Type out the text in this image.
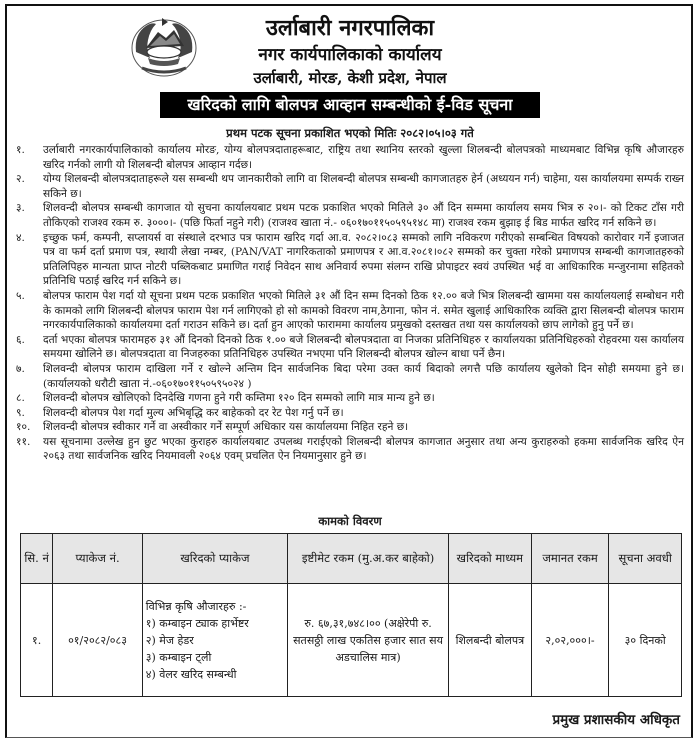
उर्लाबारी नगरपालिका
नगर कार्यपालिकाको कार्यालय
उर्लाबारी, मोरङ, केशी प्रदेश, नेपाल
खरिदको लागि बोलपत्र आव्हान सम्बन्धीको ई-विड सूचना
प्रथम पटक सूचना प्रकाशित भएको मितिः २०८२।०५।०३ गते
१.	उर्लाबारी नगरकार्यपालिकाको कार्यालय मोरङ, योग्य बोलपत्रदाताहरूबाट, राष्ट्रिय तथा स्थानिय स्तरको खुल्ला शिलबन्दी बोलपत्रको माध्यमबाट विभिन्न कृषि औजारहरु खरिद गर्नको लागी यो शिलबन्दी बोलपत्र आव्हान गर्दछ।
२.	योग्य शिलबन्दी बोलपत्रदाताहरूले यस सम्बन्धी थप जानकारीको लागि वा शिलबन्दी बोलपत्र सम्बन्धी कागजातहरु हेर्न (अध्ययन गर्न) चाहेमा, यस कार्यालयमा सम्पर्क राख्न सकिने छ।
३.	शिलवन्दी बोलपत्र सम्बन्धी कागजात यो सुचना कार्यालयबाट प्रथम पटक प्रकाशित भएको मितिले ३० औं दिन सम्ममा कार्यालय समय भित्र रु २०।- को टिकट टाँस गरी तोकिएको राजश्व रकम रु. ३०००।- (पछि फिर्ता नहुने गरी) (राजश्व खाता नं.- ०६०१७०११५०५९५१४८ मा) राजश्व रकम बुझाइ ई बिड मार्फत खरिद गर्न सकिने छ।
४.	इच्छुक फर्म, कम्पनी, सप्लायर्स वा संस्थाले दरभाउ पत्र फाराम खरिद गर्दा आ.व. २०८२।०८३ सम्मको लागि नविकरण गरीएको सम्बन्धित विषयको कारोवार गर्ने इजाजत पत्र वा फर्म दर्ता प्रमाण पत्र, स्थायी लेखा नम्बर, (PAN/VAT नागरिकताको प्रमाणपत्र र आ.व.२०८१।०८२ सम्मको कर चुक्ता गरेको प्रमाणपत्र सम्बन्धी कागजातहरुको प्रतिलिपिहरु मान्यता प्राप्त नोटरी पब्लिकबाट प्रमाणित गराई निवेदन साथ अनिवार्य रुपमा संलग्न राखि प्रोपाइटर स्वयं उपस्थित भई वा आधिकारिक मन्जुरनामा सहितको प्रतिनिधि पठाई खरिद गर्न सकिने छ।
५.	बोलपत्र फाराम पेश गर्दा यो सूचना प्रथम पटक प्रकाशित भएको मितिले ३१ औं दिन सम्म दिनको ठिक १२.०० बजे भित्र शिलबन्दी खाममा यस कार्यालयलाई सम्बोधन गरी के कामको लागि शिलबन्दी बोलपत्र फाराम पेश गर्न लागिएको हो सो कामको विवरण नाम,ठेगाना, फोन नं. समेत खुलाई आधिकारिक व्यक्ति द्वारा सिलबन्दी बोलपत्र फाराम नगरकार्यपालिकाको कार्यालयमा दर्ता गराउन सकिने छ। दर्ता हुन आएको फाराममा कार्यालय प्रमुखको दस्तखत तथा यस कार्यालयको छाप लागेको हुनु पर्ने छ।
६.	दर्ता भएका बोलपत्र फारामहरु ३१ औं दिनको दिनको ठिक १.०० बजे शिलबन्दी बोलपत्रदाता वा निजका प्रतिनिधिहरु र कार्यालयका प्रतिनिधिहरुको रोहवरमा यस कार्यालय समयमा खोलिने छ। बोलपत्रदाता वा निजहरुका प्रतिनिधिहरु उपस्थित नभएमा पनि शिलबन्दी बोलपत्र खोल्न बाधा पर्ने छैन।
७.	शिलवन्दी बोलपत्र फाराम दाखिला गर्ने र खोल्ने अन्तिम दिन सार्वजनिक बिदा परेमा उक्त कार्य बिदाको लगत्तै पछि कार्यालय खुलेको दिन सोही समयमा हुने छ। (कार्यालयको धरौटी खाता नं.-०६०१७०११५०५९५०२४ )
८.	शिलवन्दी बोलपत्र खोलिएको दिनदेखि गणना हुने गरी कम्तिमा १२० दिन सम्मको लागि मात्र मान्य हुने छ।
९.	शिलवन्दी बोलपत्र पेश गर्दा मुल्य अभिबृद्धि कर बाहेकको दर रेट पेश गर्नु पर्ने छ।
१०.	शिलवन्दी बोलपत्र स्वीकार गर्ने वा अस्वीकार गर्ने सम्पूर्ण अधिकार यस कार्यालयमा निहित रहने छ।
११.	यस सूचनामा उल्लेख हुन छुट भएका कुराहरु कार्यालयबाट उपलब्ध गराईएको शिलबन्दी बोलपत्र कागजात अनुसार तथा अन्य कुराहरुको हकमा सार्वजनिक खरिद ऐन २०६३ तथा सार्वजनिक खरिद नियमावली २०६४ एवम् प्रचलित ऐन नियमानुसार हुने छ।
कामको विवरण
सि. नं	प्याकेज नं.	खरिदको प्याकेज	इष्टीमेट रकम (मु.अ.कर बाहेको)	खरिदको माध्यम	जमानत रकम	सूचना अवधी
१.	०१/२०८२/०८३	विभिन्न कृषि औजारहरु :-
१) कम्बाइन ट्याक हार्भेष्टर
२) मेज हेडर
३) कम्बाइन ट्ली
४) वेलर खरिद सम्बन्धी	रु. ६७,३१,७४८।०० (अक्षेरेपी रु. सतसठ्ठी लाख एकतिस हजार सात सय अडचालिस मात्र)	शिलबन्दी बोलपत्र	२,०२,०००।-	३० दिनको
प्रमुख प्रशासकीय अधिकृत
